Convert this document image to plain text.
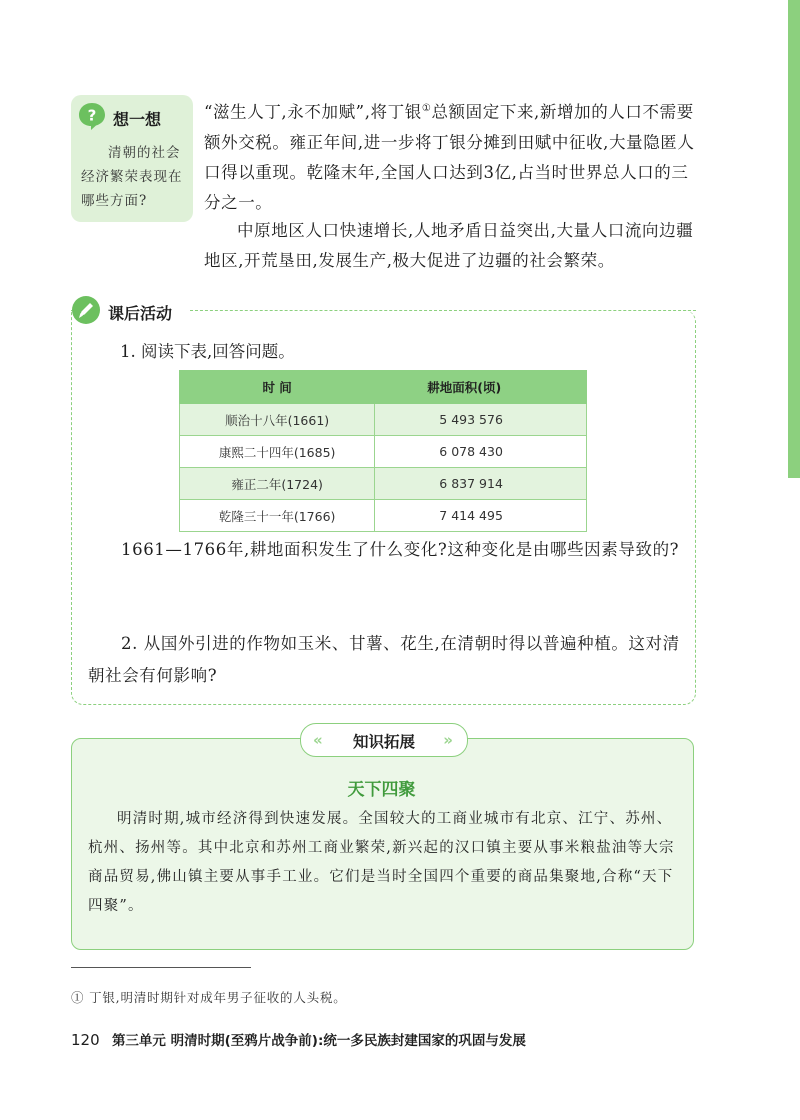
? 想一想
清朝的社会经济繁荣表现在哪些方面?

“滋生人丁,永不加赋”,将丁银①总额固定下来,新增加的人口不需要额外交税。雍正年间,进一步将丁银分摊到田赋中征收,大量隐匿人口得以重现。乾隆末年,全国人口达到3亿,占当时世界总人口的三分之一。

中原地区人口快速增长,人地矛盾日益突出,大量人口流向边疆地区,开荒垦田,发展生产,极大促进了边疆的社会繁荣。

课后活动

1. 阅读下表,回答问题。

时 间	耕地面积(顷)
顺治十八年(1661)	5 493 576
康熙二十四年(1685)	6 078 430
雍正二年(1724)	6 837 914
乾隆三十一年(1766)	7 414 495

1661—1766年,耕地面积发生了什么变化?这种变化是由哪些因素导致的?

2. 从国外引进的作物如玉米、甘薯、花生,在清朝时得以普遍种植。这对清朝社会有何影响?

«	知识拓展	»
天下四聚

明清时期,城市经济得到快速发展。全国较大的工商业城市有北京、江宁、苏州、杭州、扬州等。其中北京和苏州工商业繁荣,新兴起的汉口镇主要从事米粮盐油等大宗商品贸易,佛山镇主要从事手工业。它们是当时全国四个重要的商品集聚地,合称“天下四聚”。

① 丁银,明清时期针对成年男子征收的人头税。
120 第三单元 明清时期(至鸦片战争前):统一多民族封建国家的巩固与发展
